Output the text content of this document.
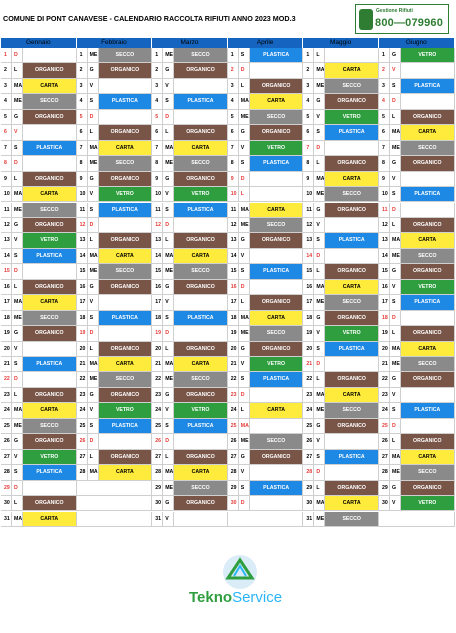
COMUNE DI PONT CANAVESE - CALENDARIO RACCOLTA RIFIUTI ANNO 2023 MOD.3
Gestione Rifiuti
800—079960
Gennaio
1	D
2	L	ORGANICO
3	MA	CARTA
4	ME	SECCO
5	G	ORGANICO
6	V
7	S	PLASTICA
8	D
9	L	ORGANICO
10 MA	CARTA
11 ME	SECCO
12 G	ORGANICO
13 V	VETRO
14 S	PLASTICA
15 D
16 L	ORGANICO
17 MA	CARTA
18 ME	SECCO
19 G	ORGANICO
20 V
21 S	PLASTICA
22 D
23 L	ORGANICO
24 MA	CARTA
25 ME	SECCO
26 G	ORGANICO
27 V	VETRO
28 S	PLASTICA
29 D
30 L	ORGANICO
31 MA	CARTA
Febbraio
1	ME	SECCO
2	G	ORGANICO
3	V
4	S	PLASTICA
5	D
6	L	ORGANICO
7	MA	CARTA
8	ME	SECCO
9	G	ORGANICO
10 V	VETRO
11 S	PLASTICA
12 D
13 L	ORGANICO
14 MA	CARTA
15 ME	SECCO
16 G	ORGANICO
17 V
18 S	PLASTICA
19 D
20 L	ORGANICO
21 MA	CARTA
22 ME	SECCO
23 G	ORGANICO
24 V	VETRO
25 S	PLASTICA
26 D
27 L	ORGANICO
28 MA	CARTA
Marzo
1	ME	SECCO
2	G	ORGANICO
3	V
4	S	PLASTICA
5	D
6	L	ORGANICO
7	MA	CARTA
8	ME	SECCO
9	G	ORGANICO
10 V	VETRO
11 S	PLASTICA
12 D
13 L	ORGANICO
14 MA	CARTA
15 ME	SECCO
16 G	ORGANICO
17 V
18 S	PLASTICA
19 D
20 L	ORGANICO
21 MA	CARTA
22 ME	SECCO
23 G	ORGANICO
24 V	VETRO
25 S	PLASTICA
26 D
27 L	ORGANICO
28 MA	CARTA
29 ME	SECCO
30 G	ORGANICO
31 V
Aprile
1	S	PLASTICA
2	D
3	L	ORGANICO
4	MA	CARTA
5	ME	SECCO
6	G	ORGANICO
7	V	VETRO
8	S	PLASTICA
9	D
10 L
11 MA	CARTA
12 ME	SECCO
13 G	ORGANICO
14 V
15 S	PLASTICA
16 D
17 L	ORGANICO
18 MA	CARTA
19 ME	SECCO
20 G	ORGANICO
21 V	VETRO
22 S	PLASTICA
23 D
24 L	CARTA
25 MA
26 ME	SECCO
27 G	ORGANICO
28 V
29 S	PLASTICA
30 D
Maggio
1	L
2	MA	CARTA
3	ME	SECCO
4	G	ORGANICO
5	V	VETRO
6	S	PLASTICA
7	D
8	L	ORGANICO
9	MA	CARTA
10 ME	SECCO
11 G	ORGANICO
12 V
13 S	PLASTICA
14 D
15 L	ORGANICO
16 MA	CARTA
17 ME	SECCO
18 G	ORGANICO
19 V	VETRO
20 S	PLASTICA
21 D
22 L	ORGANICO
23 MA	CARTA
24 ME	SECCO
25 G	ORGANICO
26 V
27 S	PLASTICA
28 D
29 L	ORGANICO
30 MA	CARTA
31 ME	SECCO
Giugno
1	G	VETRO
2	V
3	S	PLASTICA
4	D
5	L	ORGANICO
6	MA	CARTA
7	ME	SECCO
8	G	ORGANICO
9	V
10 S	PLASTICA
11 D
12 L	ORGANICO
13 MA	CARTA
14 ME	SECCO
15 G	ORGANICO
16 V	VETRO
17 S	PLASTICA
18 D
19 L	ORGANICO
20 MA	CARTA
21 ME	SECCO
22 G	ORGANICO
23 V
24 S	PLASTICA
25 D
26 L	ORGANICO
27 MA	CARTA
28 ME	SECCO
29 G	ORGANICO
30 V	VETRO
TeknoService
